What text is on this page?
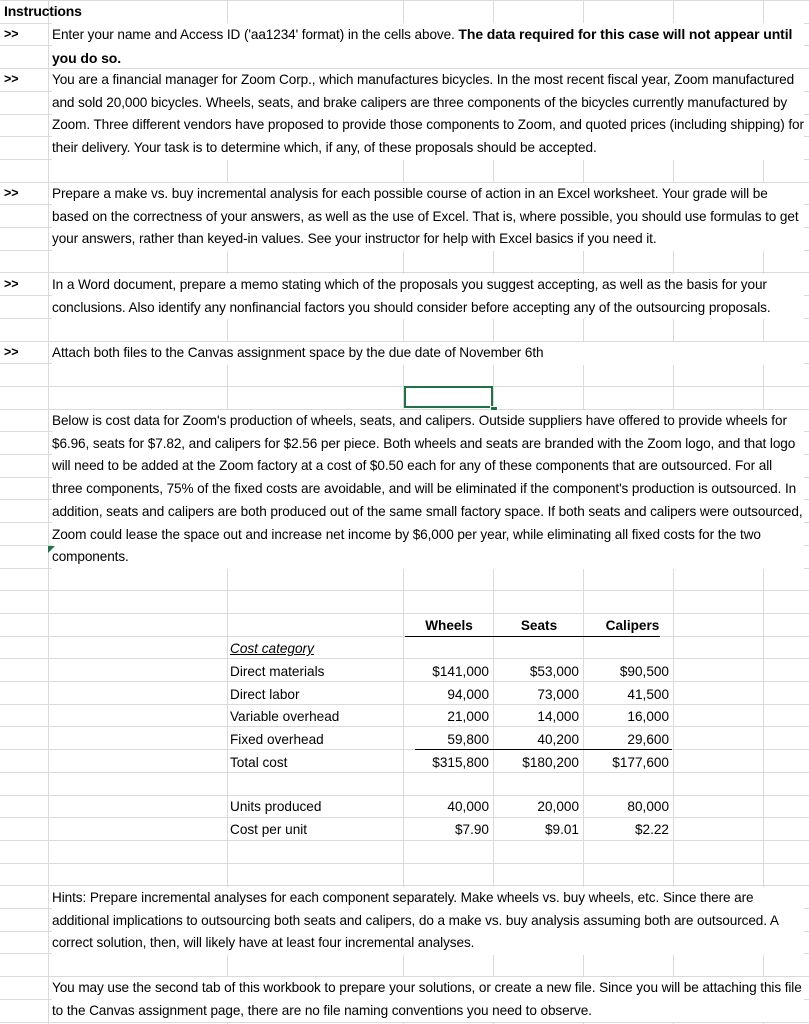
Instructions
>>
>>
>>
>>
>>
Enter your name and Access ID ('aa1234' format) in the cells above. The data required for this case will not appear until you do so.
You are a financial manager for Zoom Corp., which manufactures bicycles. In the most recent fiscal year, Zoom manufactured and sold 20,000 bicycles. Wheels, seats, and brake calipers are three components of the bicycles currently manufactured by Zoom. Three different vendors have proposed to provide those components to Zoom, and quoted prices (including shipping) for their delivery. Your task is to determine which, if any, of these proposals should be accepted.
Prepare a make vs. buy incremental analysis for each possible course of action in an Excel worksheet. Your grade will be based on the correctness of your answers, as well as the use of Excel. That is, where possible, you should use formulas to get your answers, rather than keyed-in values. See your instructor for help with Excel basics if you need it.
In a Word document, prepare a memo stating which of the proposals you suggest accepting, as well as the basis for your conclusions. Also identify any nonfinancial factors you should consider before accepting any of the outsourcing proposals.
Attach both files to the Canvas assignment space by the due date of November 6th
Below is cost data for Zoom's production of wheels, seats, and calipers. Outside suppliers have offered to provide wheels for $6.96, seats for $7.82, and calipers for $2.56 per piece. Both wheels and seats are branded with the Zoom logo, and that logo will need to be added at the Zoom factory at a cost of $0.50 each for any of these components that are outsourced. For all three components, 75% of the fixed costs are avoidable, and will be eliminated if the component's production is outsourced. In addition, seats and calipers are both produced out of the same small factory space. If both seats and calipers were outsourced, Zoom could lease the space out and increase net income by $6,000 per year, while eliminating all fixed costs for the two components.
Wheels	Seats	Calipers
Cost category
Direct materials	$141,000	$53,000	$90,500
Direct labor	94,000	73,000	41,500
Variable overhead	21,000	14,000	16,000
Fixed overhead	59,800	40,200	29,600
Total cost	$315,800	$180,200	$177,600
Units produced	40,000	20,000	80,000
Cost per unit	$7.90	$9.01	$2.22
Hints: Prepare incremental analyses for each component separately. Make wheels vs. buy wheels, etc. Since there are additional implications to outsourcing both seats and calipers, do a make vs. buy analysis assuming both are outsourced. A correct solution, then, will likely have at least four incremental analyses.
You may use the second tab of this workbook to prepare your solutions, or create a new file. Since you will be attaching this file to the Canvas assignment page, there are no file naming conventions you need to observe.
